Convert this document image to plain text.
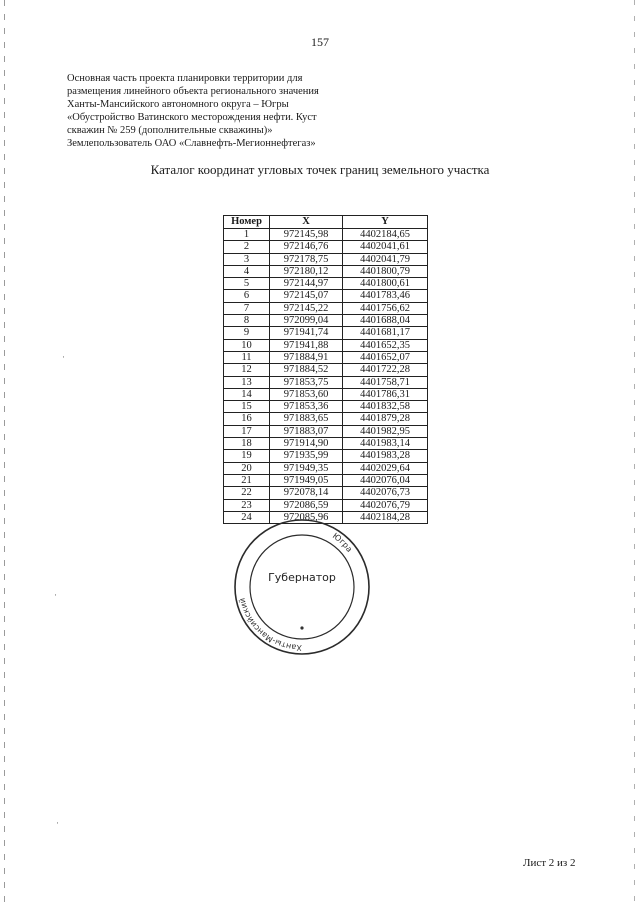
157
Основная часть проекта планировки территории для
размещения линейного объекта регионального значения
Ханты-Мансийского автономного округа – Югры
«Обустройство Ватинского месторождения нефти. Куст
скважин № 259 (дополнительные скважины)»
Землепользователь ОАО «Славнефть-Мегионнефтегаз»
Каталог координат угловых точек границ земельного участка
Номер	X	Y
1	972145,98	4402184,65
2	972146,76	4402041,61
3	972178,75	4402041,79
4	972180,12	4401800,79
5	972144,97	4401800,61
6	972145,07	4401783,46
7	972145,22	4401756,62
8	972099,04	4401688,04
9	971941,74	4401681,17
10	971941,88	4401652,35
11	971884,91	4401652,07
12	971884,52	4401722,28
13	971853,75	4401758,71
14	971853,60	4401786,31
15	971853,36	4401832,58
16	971883,65	4401879,28
17	971883,07	4401982,95
18	971914,90	4401983,14
19	971935,99	4401983,28
20	971949,35	4402029,64
21	971949,05	4402076,04
22	972078,14	4402076,73
23	972086,59	4402076,79
24	972085,96	4402184,28
Ханты-Мансийский
Югра
Губернатор
·
·
·
Лист 2 из 2
